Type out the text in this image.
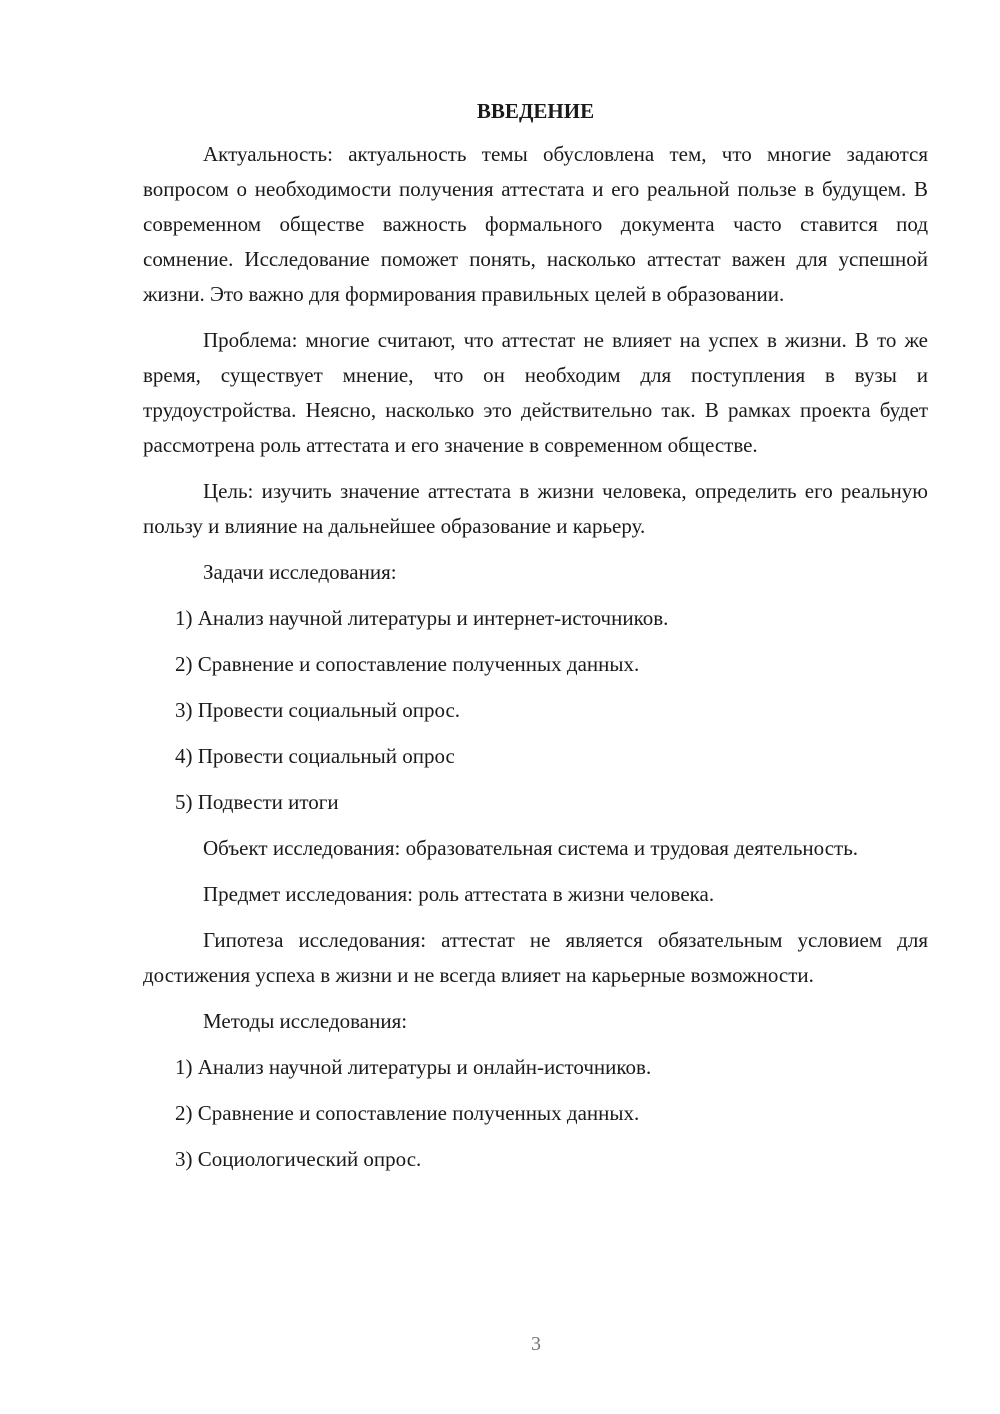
ВВЕДЕНИЕ

Актуальность: актуальность темы обусловлена тем, что многие задаются вопросом о необходимости получения аттестата и его реальной пользе в будущем. В современном обществе важность формального документа часто ставится под сомнение. Исследование поможет понять, насколько аттестат важен для успешной жизни. Это важно для формирования правильных целей в образовании.

Проблема: многие считают, что аттестат не влияет на успех в жизни. В то же время, существует мнение, что он необходим для поступления в вузы и трудоустройства. Неясно, насколько это действительно так. В рамках проекта будет рассмотрена роль аттестата и его значение в современном обществе.

Цель: изучить значение аттестата в жизни человека, определить его реальную пользу и влияние на дальнейшее образование и карьеру.

Задачи исследования:

1) Анализ научной литературы и интернет-источников.
2) Сравнение и сопоставление полученных данных.
3) Провести социальный опрос.
4) Провести социальный опрос
5) Подвести итоги

Объект исследования: образовательная система и трудовая деятельность.

Предмет исследования: роль аттестата в жизни человека.

Гипотеза исследования: аттестат не является обязательным условием для достижения успеха в жизни и не всегда влияет на карьерные возможности.

Методы исследования:

1) Анализ научной литературы и онлайн-источников.
2) Сравнение и сопоставление полученных данных.
3) Социологический опрос.
3
